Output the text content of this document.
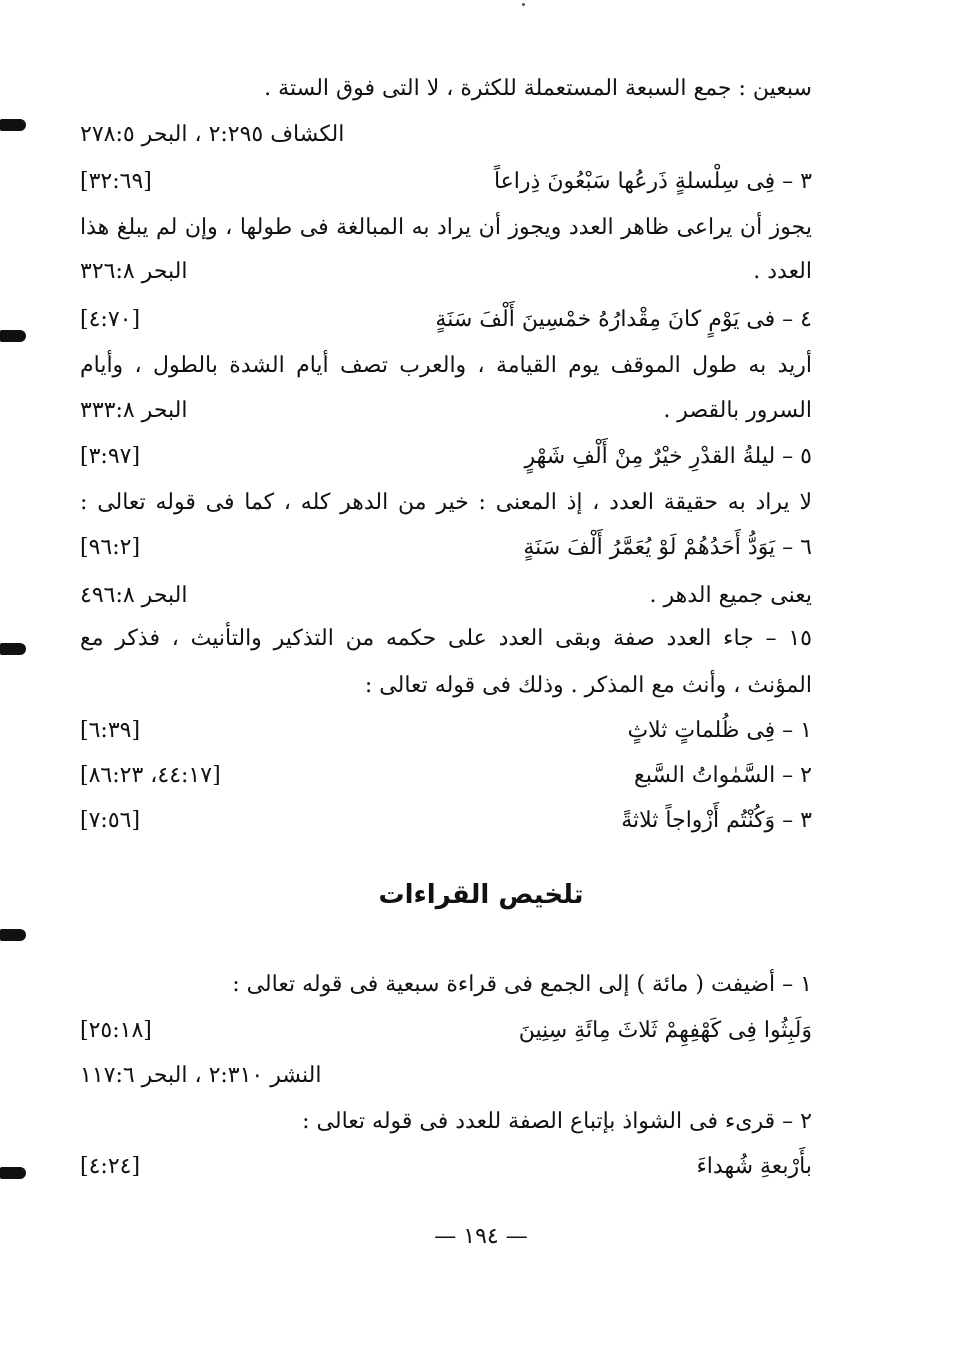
سبعين : جمع السبعة المستعملة للكثرة ، لا التى فوق الستة .
الكشاف ٢:٢٩٥ ، البحر ٢٧٨:٥
[٣٢:٦٩]	٣ – فِى سِلْسلةٍ ذَرعُها سَبْعُونَ ذِراعاً
يجوز أن يراعى ظاهر العدد ويجوز أن يراد به المبالغة فى طولها ، وإن لم يبلغ هذا
البحر ٣٢٦:٨	العدد .
[٤:٧٠]	٤ – فى يَوْمٍ كانَ مِقْدارُهُ خمْسِينَ أَلْفَ سَنَةٍ
أريد به طول الموقف يوم القيامة ، والعرب تصف أيام الشدة بالطول ، وأيام
البحر ٣٣٣:٨	السرور بالقصر .
[٣:٩٧]	٥ – ليلةُ القدْرِ خيْرٌ مِنْ أَلْفِ شَهْرٍ
لا يراد به حقيقة العدد ، إذ المعنى : خير من الدهر كله ، كما فى قوله تعالى :
[٩٦:٢]	٦ – يَوَدُّ أَحَدُهُمْ لَوْ يُعَمَّرُ أَلْفَ سَنَةٍ
البحر ٤٩٦:٨	يعنى جميع الدهر .
١٥ – جاء العدد صفة وبقى العدد على حكمه من التذكير والتأنيث ، فذكر مع
المؤنث ، وأنث مع المذكر . وذلك فى قوله تعالى :
[٦:٣٩]	١ – فِى ظُلماتٍ ثلاثٍ
[٤٤:١٧، ٨٦:٢٣]	٢ – السَّمٰواتُ السَّبع
[٧:٥٦]	٣ – وَكُنْتُم أَزْواجاً ثلاثةً
تلخيص القراءات
١ – أضيفت ( مائة ) إلى الجمع فى قراءة سبعية فى قوله تعالى :
[٢٥:١٨]	وَلَبِثُوا فِى كَهْفِهِمْ ثَلاثَ مِائَةِ سِنِينَ
النشر ٢:٣١٠ ، البحر ١١٧:٦
٢ – قرىء فى الشواذ بإتباع الصفة للعدد فى قوله تعالى :
[٤:٢٤]	بأَرْبعةِ شُهداءَ
— ١٩٤ —
